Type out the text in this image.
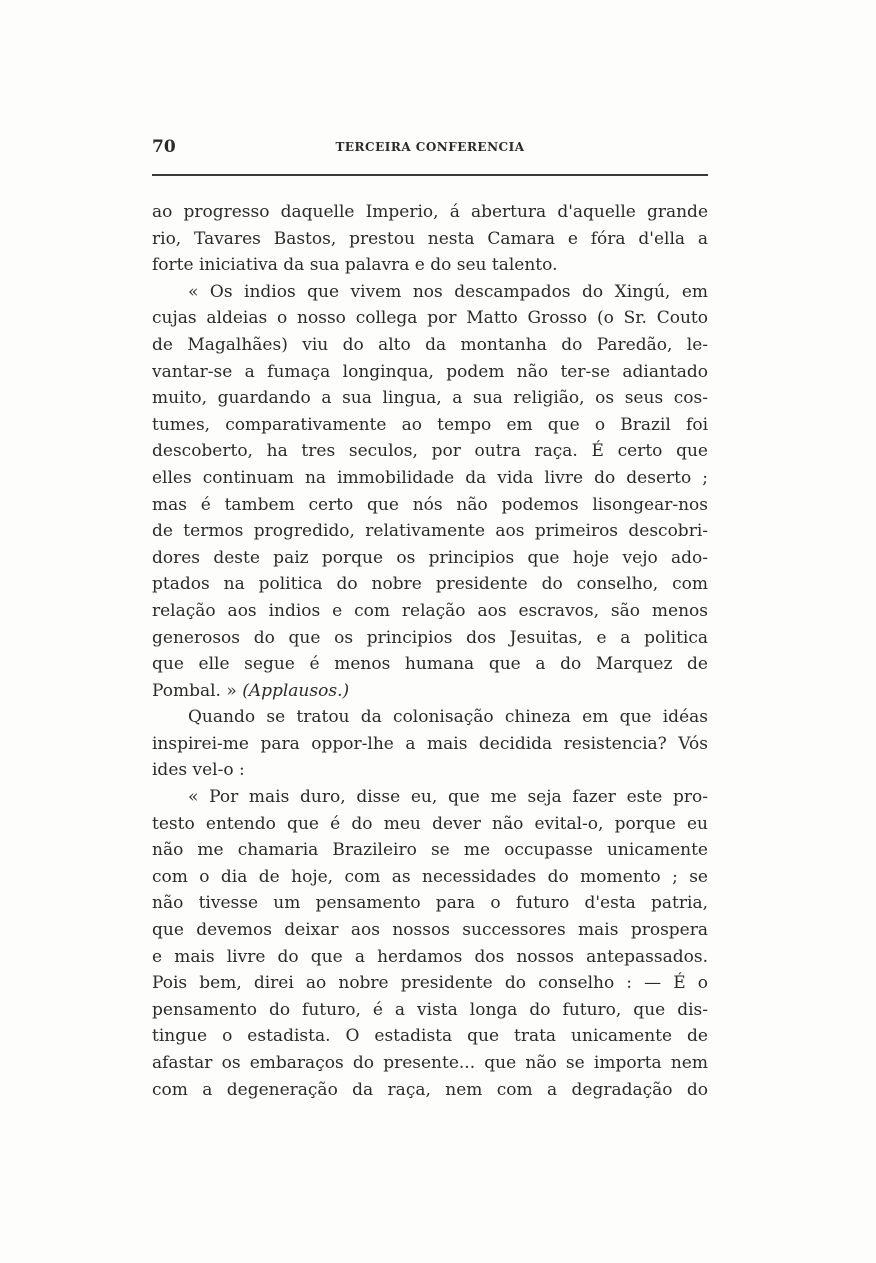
70	TERCEIRA CONFERENCIA
ao progresso daquelle Imperio, á abertura d'aquelle grande
rio, Tavares Bastos, prestou nesta Camara e fóra d'ella a
forte iniciativa da sua palavra e do seu talento.
« Os indios que vivem nos descampados do Xingú, em
cujas aldeias o nosso collega por Matto Grosso (o Sr. Couto
de Magalhães) viu do alto da montanha do Paredão, le-
vantar-se a fumaça longinqua, podem não ter-se adiantado
muito, guardando a sua lingua, a sua religião, os seus cos-
tumes, comparativamente ao tempo em que o Brazil foi
descoberto, ha tres seculos, por outra raça. É certo que
elles continuam na immobilidade da vida livre do deserto ;
mas é tambem certo que nós não podemos lisongear-nos
de termos progredido, relativamente aos primeiros descobri-
dores deste paiz porque os principios que hoje vejo ado-
ptados na politica do nobre presidente do conselho, com
relação aos indios e com relação aos escravos, são menos
generosos do que os principios dos Jesuitas, e a politica
que elle segue é menos humana que a do Marquez de
Pombal. » (Applausos.)
Quando se tratou da colonisação chineza em que idéas
inspirei-me para oppor-lhe a mais decidida resistencia? Vós
ides vel-o :
« Por mais duro, disse eu, que me seja fazer este pro-
testo entendo que é do meu dever não evital-o, porque eu
não me chamaria Brazileiro se me occupasse unicamente
com o dia de hoje, com as necessidades do momento ; se
não tivesse um pensamento para o futuro d'esta patria,
que devemos deixar aos nossos successores mais prospera
e mais livre do que a herdamos dos nossos antepassados.
Pois bem, direi ao nobre presidente do conselho : — É o
pensamento do futuro, é a vista longa do futuro, que dis-
tingue o estadista. O estadista que trata unicamente de
afastar os embaraços do presente... que não se importa nem
com a degeneração da raça, nem com a degradação do
